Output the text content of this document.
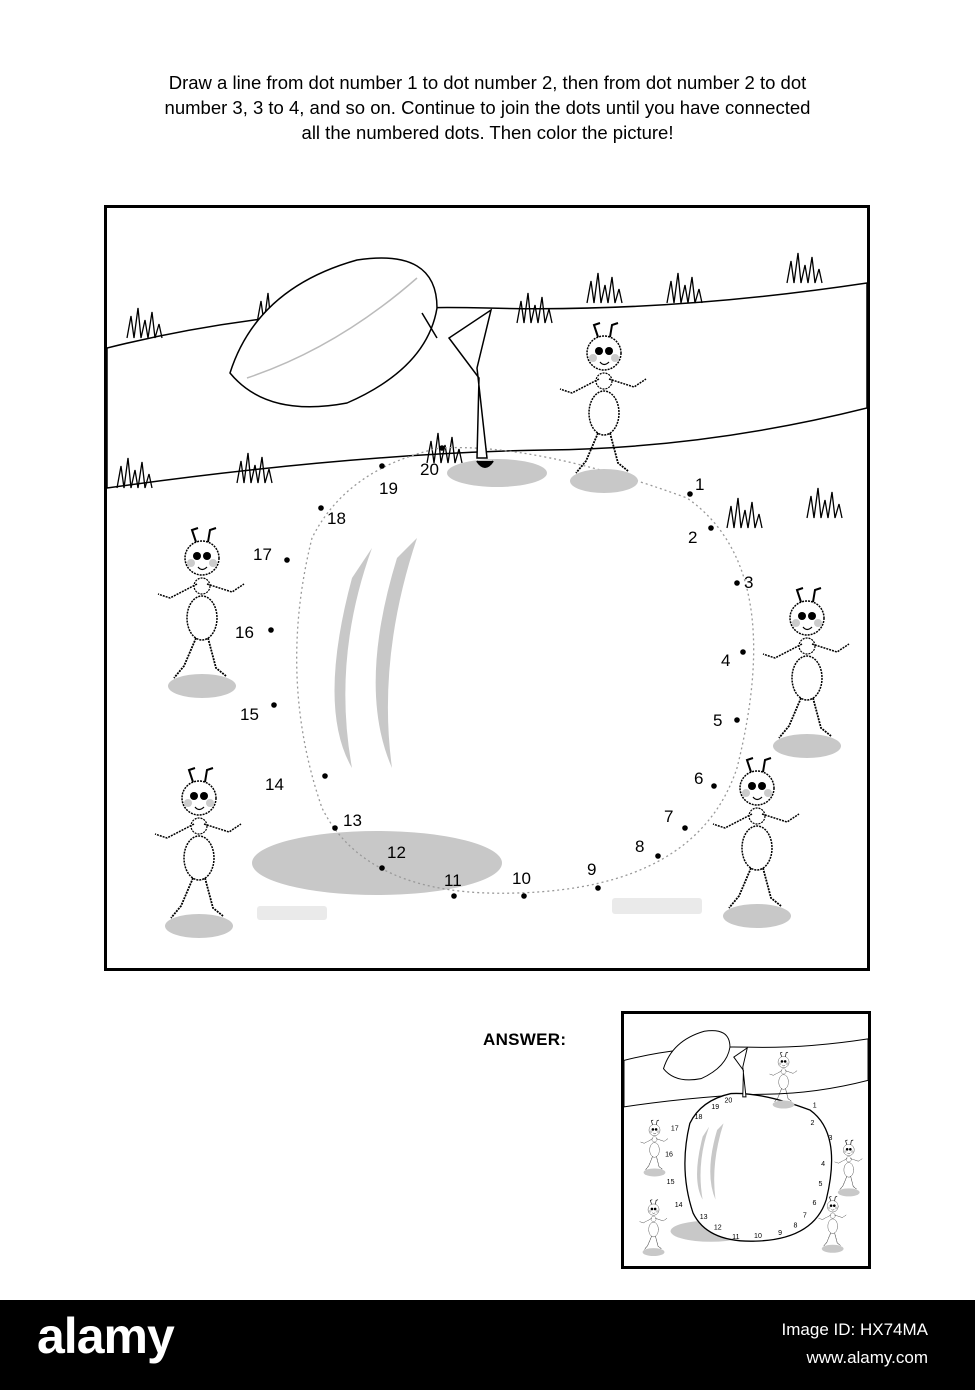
Draw a line from dot number 1 to dot number 2, then from dot number 2 to dot
number 3, 3 to 4, and so on. Continue to join the dots until you have connected
all the numbered dots. Then color the picture!
1
2
3
4
5
6
7
8
9
10
11
12
13
14
15
16
17
18
19
20
ANSWER:
1
2
3
4
5
6
7
8
9
10
11
12
13
14
15
16
17
18
19
20
alamy	Image ID: HX74MA
www.alamy.com
